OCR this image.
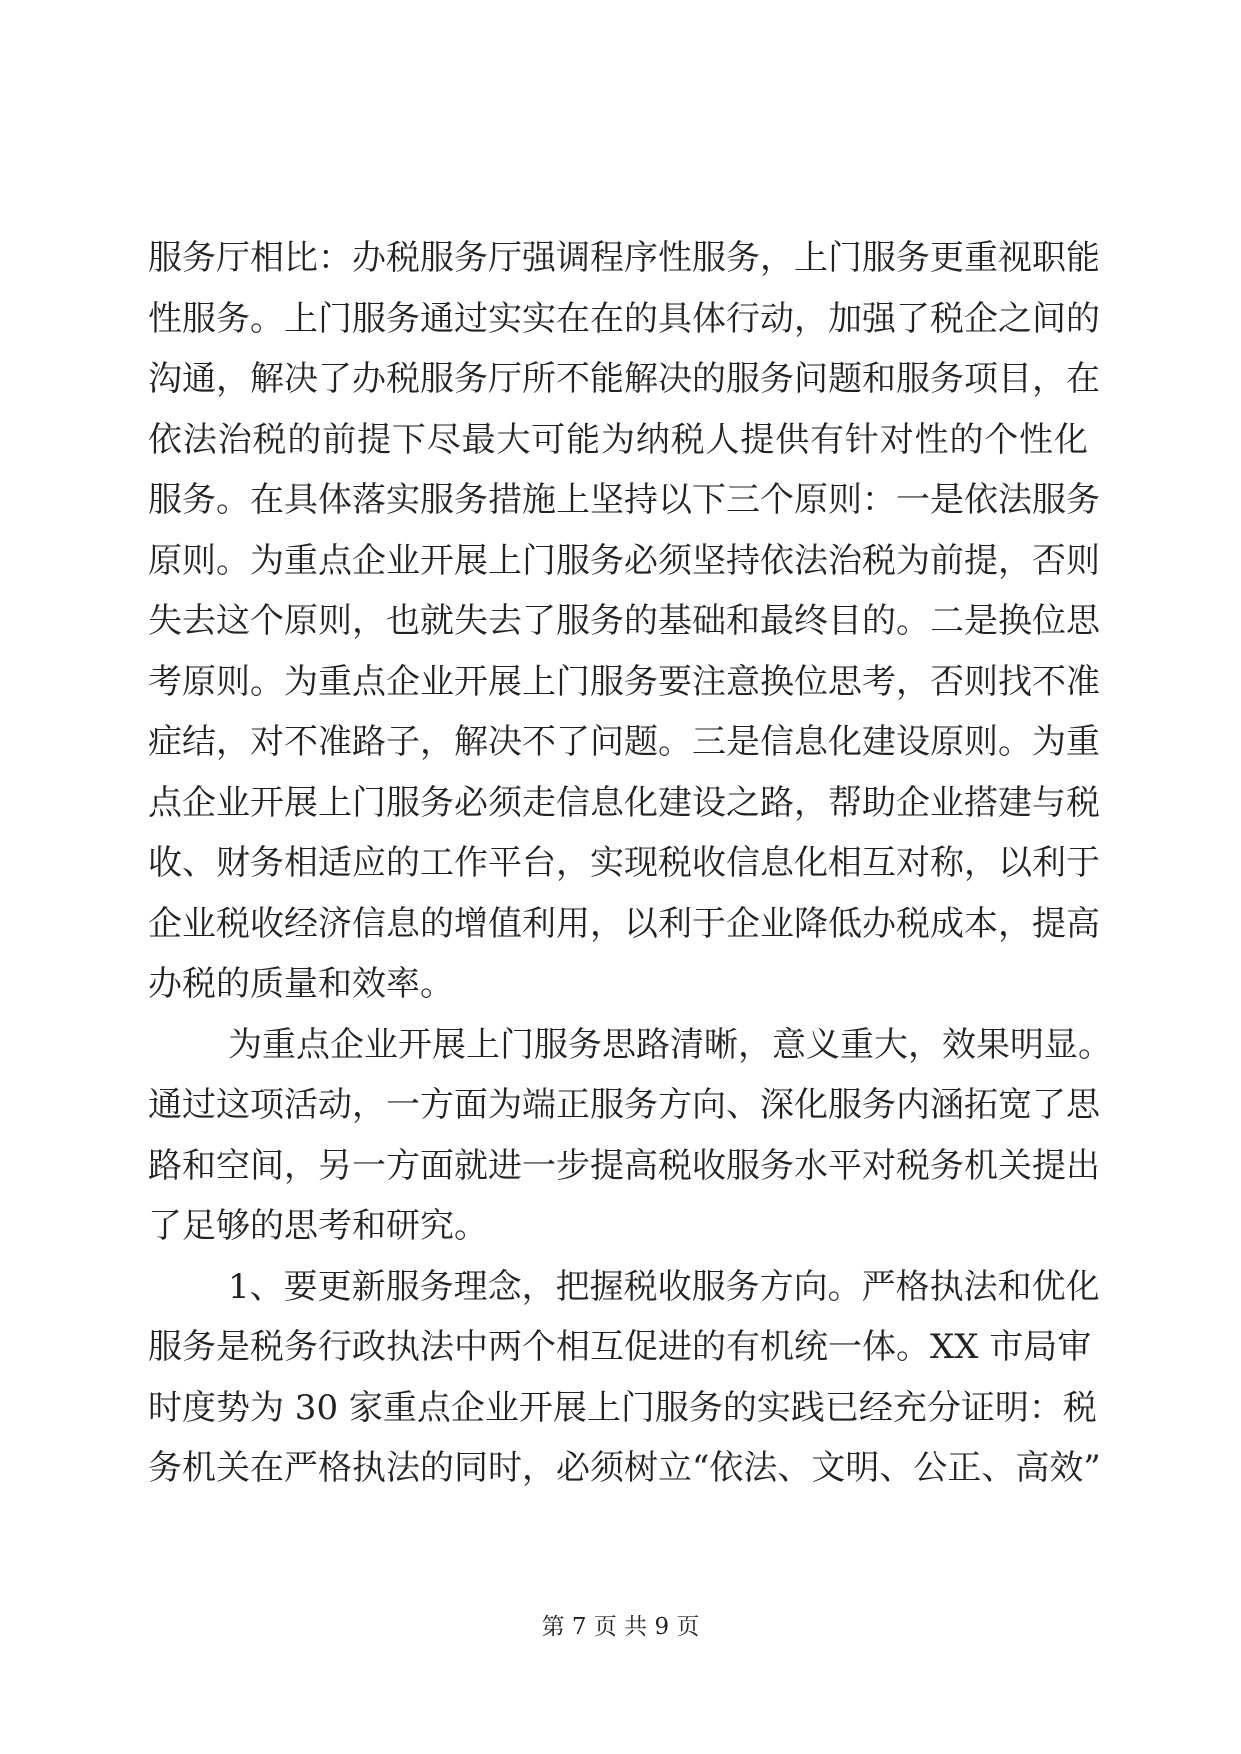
服务厅相比：办税服务厅强调程序性服务，上门服务更重视职能
性服务。上门服务通过实实在在的具体行动，加强了税企之间的
沟通，解决了办税服务厅所不能解决的服务问题和服务项目，在
依法治税的前提下尽最大可能为纳税人提供有针对性的个性化
服务。在具体落实服务措施上坚持以下三个原则：一是依法服务
原则。为重点企业开展上门服务必须坚持依法治税为前提，否则
失去这个原则，也就失去了服务的基础和最终目的。二是换位思
考原则。为重点企业开展上门服务要注意换位思考，否则找不准
症结，对不准路子，解决不了问题。三是信息化建设原则。为重
点企业开展上门服务必须走信息化建设之路，帮助企业搭建与税
收、财务相适应的工作平台，实现税收信息化相互对称，以利于
企业税收经济信息的增值利用，以利于企业降低办税成本，提高
办税的质量和效率。
为重点企业开展上门服务思路清晰，意义重大，效果明显。
通过这项活动，一方面为端正服务方向、深化服务内涵拓宽了思
路和空间，另一方面就进一步提高税收服务水平对税务机关提出
了足够的思考和研究。
1、要更新服务理念，把握税收服务方向。严格执法和优化
服务是税务行政执法中两个相互促进的有机统一体。XX 市局审
时度势为 30 家重点企业开展上门服务的实践已经充分证明：税
务机关在严格执法的同时，必须树立“依法、文明、公正、高效”
第 7 页 共 9 页
